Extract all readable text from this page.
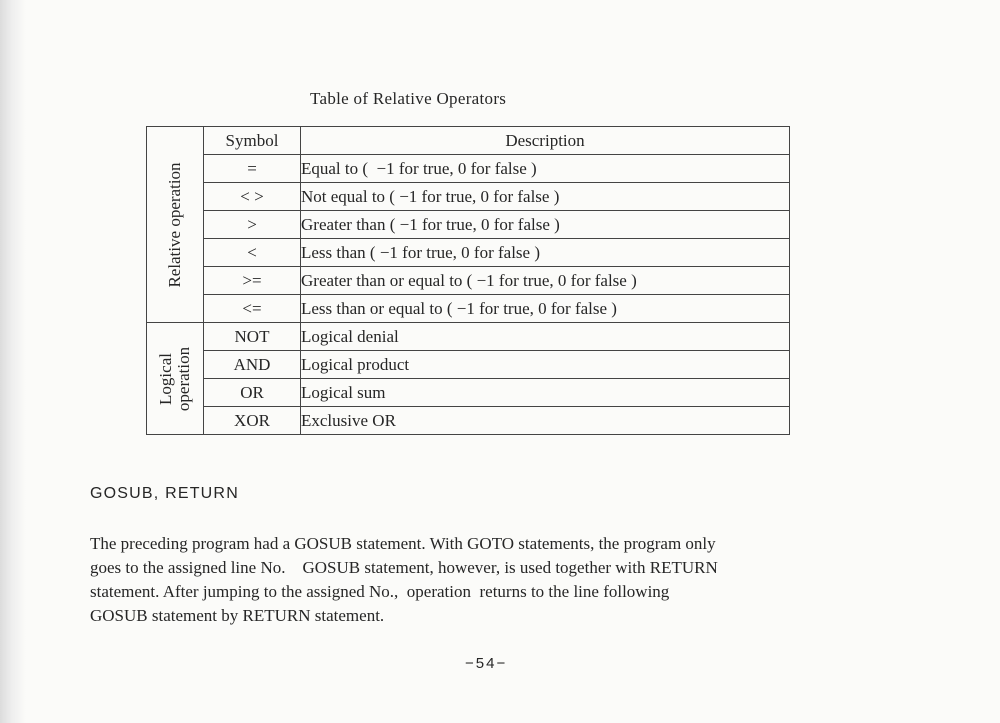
Table of Relative Operators
Relative operation	Symbol	Description
	=	Equal to (  −1 for true, 0 for false )
	< >	Not equal to ( −1 for true, 0 for false )
	>	Greater than ( −1 for true, 0 for false )
	<	Less than ( −1 for true, 0 for false )
	>=	Greater than or equal to ( −1 for true, 0 for false )
	<=	Less than or equal to ( −1 for true, 0 for false )

Logical
operation	NOT	Logical denial
	AND	Logical product
	OR	Logical sum
	XOR	Exclusive OR
GOSUB, RETURN
The preceding program had a GOSUB statement. With GOTO statements, the program only
goes to the assigned line No.    GOSUB statement, however, is used together with RETURN
statement. After jumping to the assigned No.,  operation  returns to the line following
GOSUB statement by RETURN statement.
−54−
